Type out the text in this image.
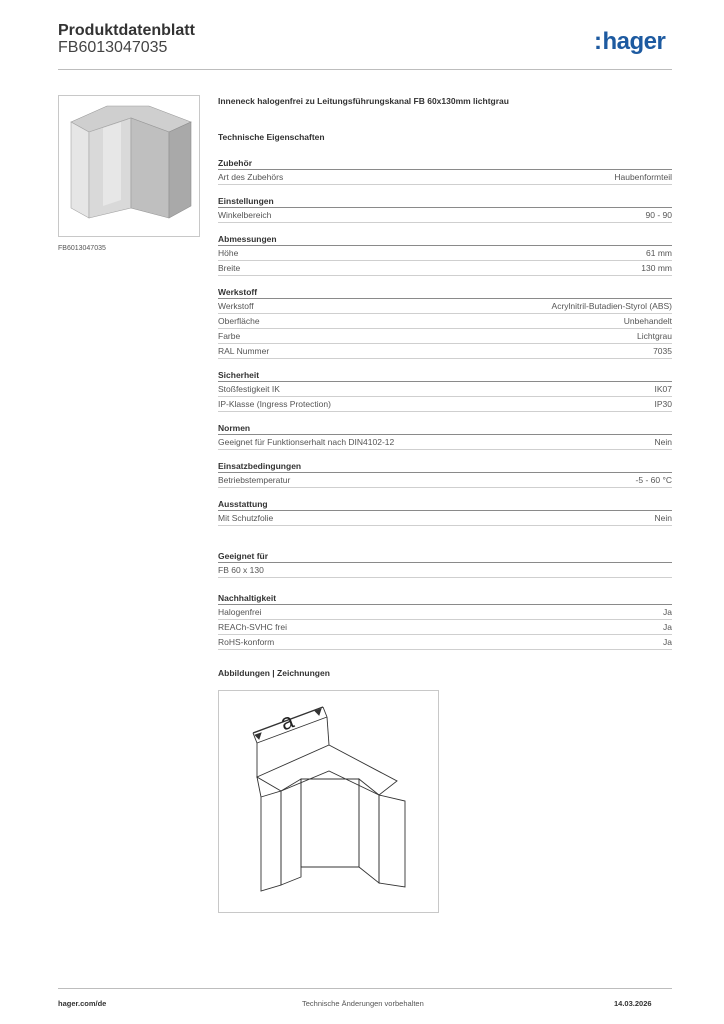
Produktdatenblatt
FB6013047035	:hager
FB6013047035
Inneneck halogenfrei zu Leitungsführungskanal FB 60x130mm lichtgrau
Technische Eigenschaften
Zubehör
Art des Zubehörs	Haubenformteil
Einstellungen
Winkelbereich	90 - 90
Abmessungen
Höhe	61 mm
Breite	130 mm
Werkstoff
Werkstoff	Acrylnitril-Butadien-Styrol (ABS)
Oberfläche	Unbehandelt
Farbe	Lichtgrau
RAL Nummer	7035
Sicherheit
Stoßfestigkeit IK	IK07
IP-Klasse (Ingress Protection)	IP30
Normen
Geeignet für Funktionserhalt nach DIN4102-12	Nein
Einsatzbedingungen
Betriebstemperatur	-5 - 60 °C
Ausstattung
Mit Schutzfolie	Nein
Geeignet für
FB 60 x 130
Nachhaltigkeit
Halogenfrei	Ja
REACh-SVHC frei	Ja
RoHS-konform	Ja
Abbildungen | Zeichnungen
a
hager.com/de	Technische Änderungen vorbehalten	14.03.2026
